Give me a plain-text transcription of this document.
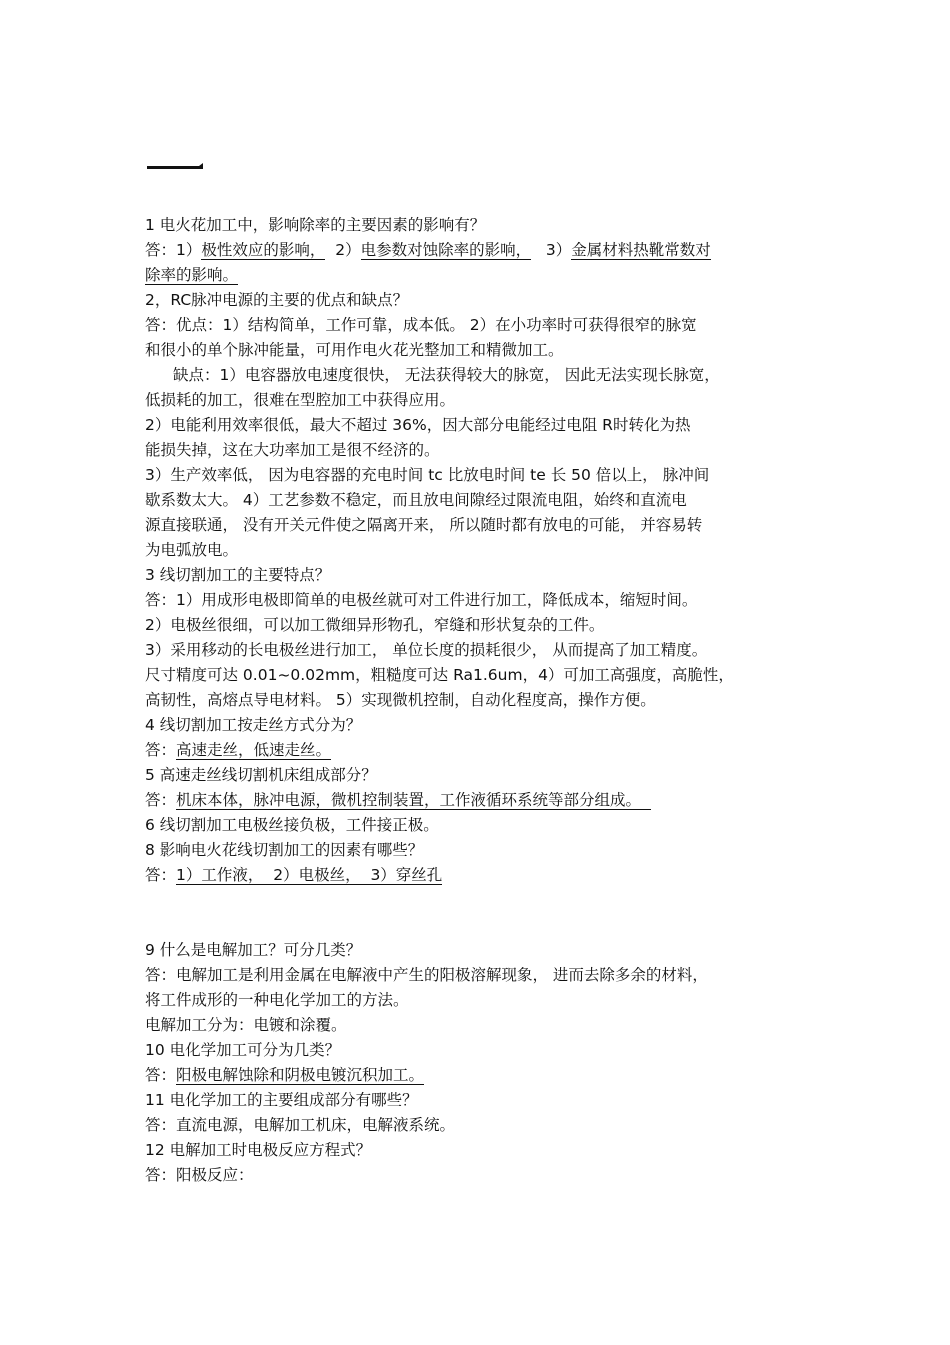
1 电火花加工中，影响除率的主要因素的影响有？
答：1）极性效应的影响，  2）电参数对蚀除率的影响，   3）金属材料热靴常数对
除率的影响。
2，RC脉冲电源的主要的优点和缺点？
答：优点：1）结构简单，工作可靠，成本低。 2）在小功率时可获得很窄的脉宽
和很小的单个脉冲能量，可用作电火花光整加工和精微加工。
缺点：1）电容器放电速度很快， 无法获得较大的脉宽， 因此无法实现长脉宽，
低损耗的加工，很难在型腔加工中获得应用。
2）电能利用效率很低，最大不超过 36%，因大部分电能经过电阻 R时转化为热
能损失掉，这在大功率加工是很不经济的。
3）生产效率低， 因为电容器的充电时间 tc 比放电时间 te 长 50 倍以上， 脉冲间
歇系数太大。 4）工艺参数不稳定，而且放电间隙经过限流电阻，始终和直流电
源直接联通， 没有开关元件使之隔离开来， 所以随时都有放电的可能， 并容易转
为电弧放电。
3 线切割加工的主要特点？
答：1）用成形电极即简单的电极丝就可对工件进行加工，降低成本，缩短时间。
2）电极丝很细，可以加工微细异形物孔，窄缝和形状复杂的工件。
3）采用移动的长电极丝进行加工， 单位长度的损耗很少， 从而提高了加工精度。
尺寸精度可达 0.01~0.02mm，粗糙度可达 Ra1.6um，4）可加工高强度，高脆性，
高韧性，高熔点导电材料。 5）实现微机控制，自动化程度高，操作方便。
4 线切割加工按走丝方式分为？
答：高速走丝，低速走丝。
5 高速走丝线切割机床组成部分？
答：机床本体，脉冲电源，微机控制装置，工作液循环系统等部分组成。
6 线切割加工电极丝接负极，工件接正极。
8 影响电火花线切割加工的因素有哪些？
答：1）工作液，  2）电极丝，  3）穿丝孔
9 什么是电解加工？可分几类？
答：电解加工是利用金属在电解液中产生的阳极溶解现象， 进而去除多余的材料，
将工件成形的一种电化学加工的方法。
电解加工分为：电镀和涂覆。
10 电化学加工可分为几类？
答：阳极电解蚀除和阴极电镀沉积加工。
11 电化学加工的主要组成部分有哪些？
答：直流电源，电解加工机床，电解液系统。
12 电解加工时电极反应方程式？
答：阳极反应：
